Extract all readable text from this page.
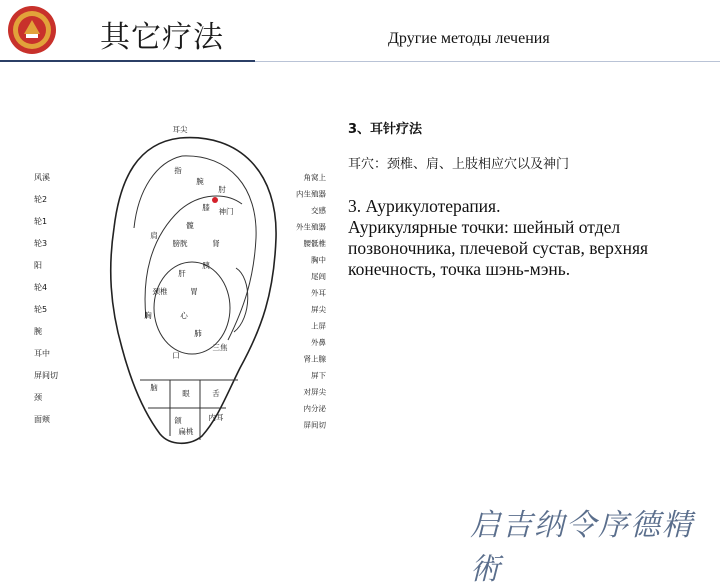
其它疗法	Другие методы лечения
风溪
轮2
轮1
轮3
阳
轮4
轮5
腕
耳中
屏间切
颈
面颊
角窝上
内生殖器
交感
外生殖器
腰骶椎
胸中
尾闾
外耳
屏尖
上屏
外鼻
肾上腺
屏下
对屏尖
内分泌
屏间切
耳尖
指
腕
肘
膝
髋
神门
肾
膀胱
胰
肝
肩
胃
颈椎
胸	心
肺
三焦
口
脑
眼	舌
颌	内耳
扁桃

3、耳针疗法

耳穴：颈椎、肩、上肢相应穴以及神门

3. Аурикулотерапия.

Аурикулярные точки: шейный отдел
позвоночника, плечевой сустав, верхняя
конечность, точка шэнь-мэнь.

启吉纳令序德精術
